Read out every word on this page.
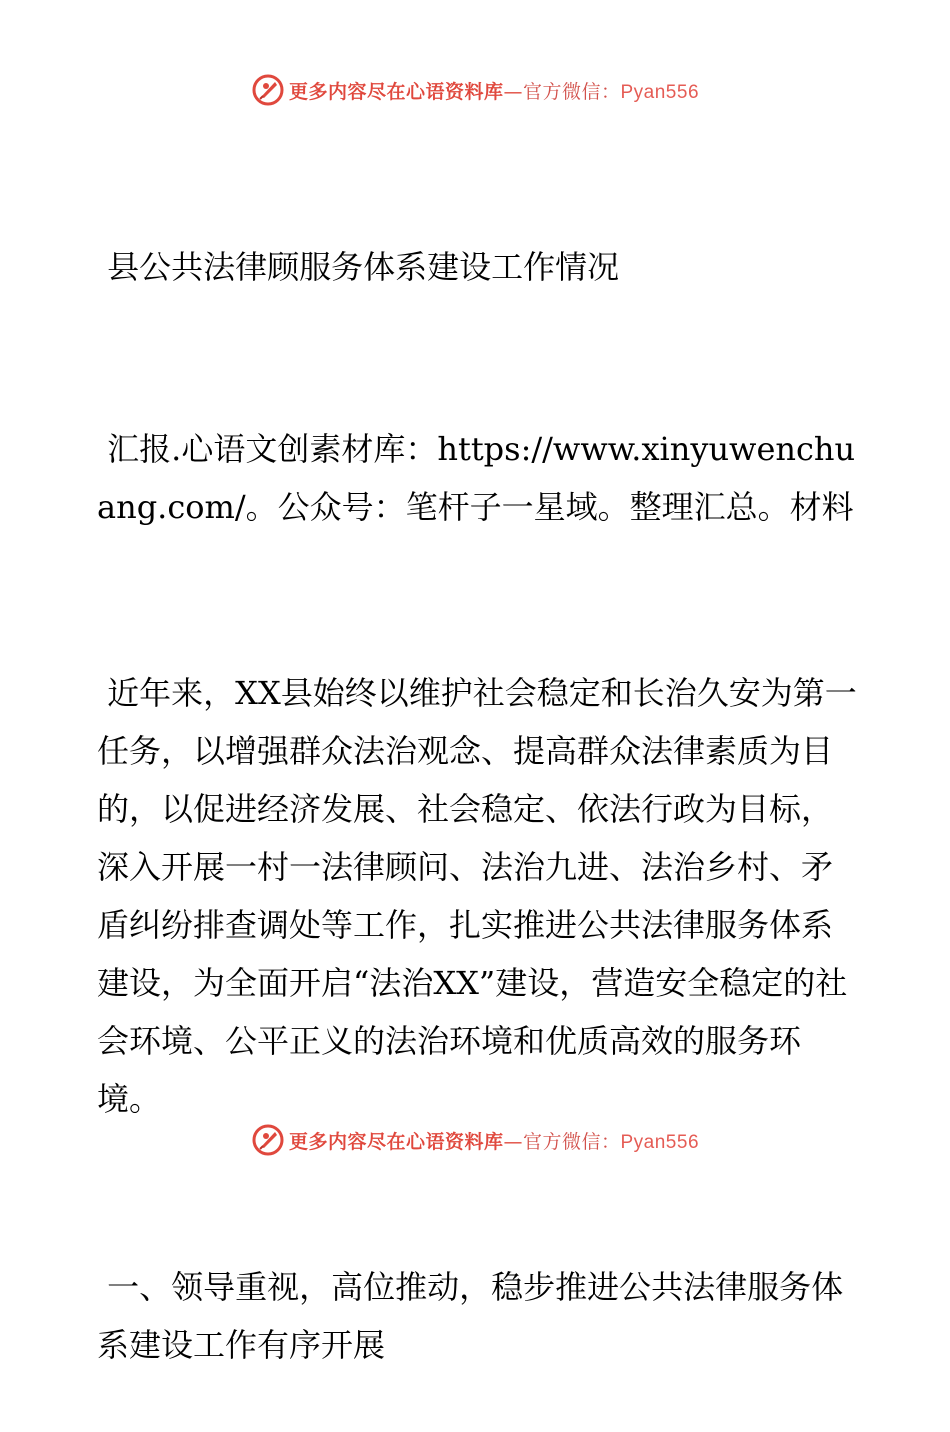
更多内容尽在心语资料库—官方微信：Pyan556

县公共法律顾服务体系建设工作情况

汇报.心语文创素材库：https://www.xinyuwenchuang.com/。公众号：笔杆子一星域。整理汇总。材料

近年来，XX县始终以维护社会稳定和长治久安为第一任务，以增强群众法治观念、提高群众法律素质为目的，以促进经济发展、社会稳定、依法行政为目标，深入开展一村一法律顾问、法治九进、法治乡村、矛盾纠纷排查调处等工作，扎实推进公共法律服务体系建设，为全面开启“法治XX”建设，营造安全稳定的社会环境、公平正义的法治环境和优质高效的服务环境。

一、领导重视，高位推动，稳步推进公共法律服务体系建设工作有序开展

更多内容尽在心语资料库—官方微信：Pyan556
